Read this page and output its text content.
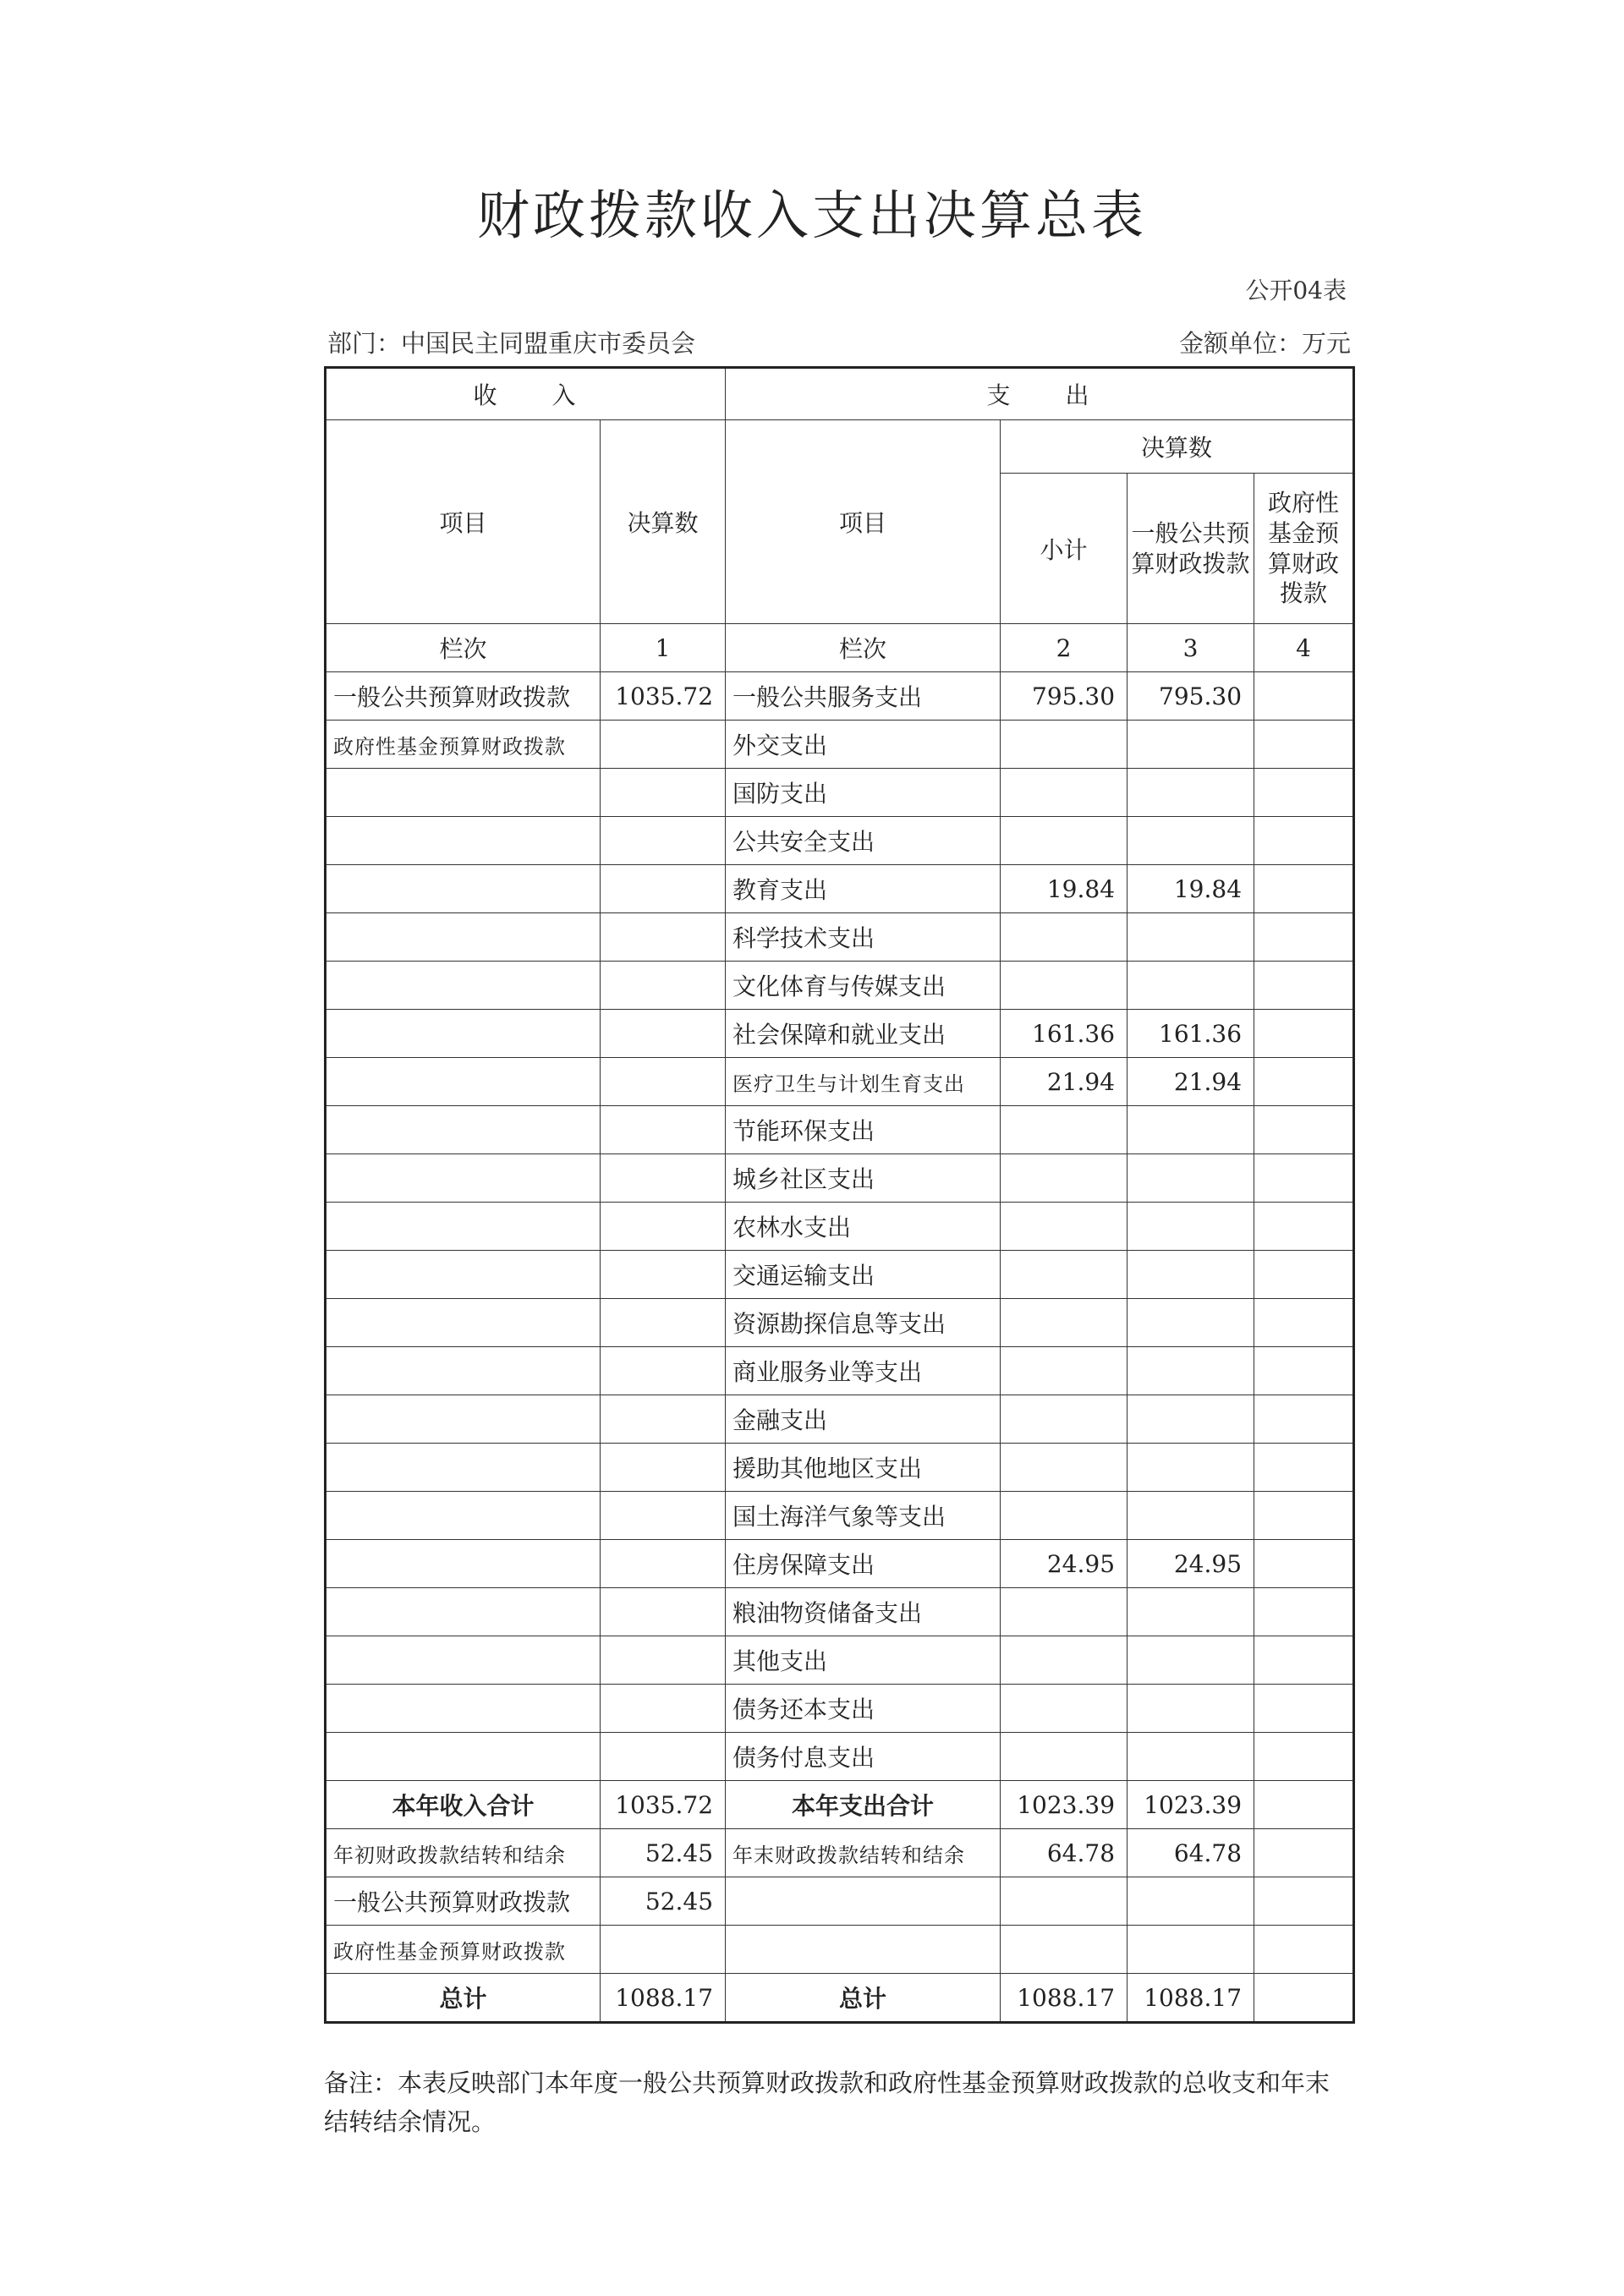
财政拨款收入支出决算总表
公开04表
部门：中国民主同盟重庆市委员会	金额单位：万元
收　　入		支　　出			
项目	决算数	项目	决算数		
			小计	一般公共预算财政拨款	政府性基金预算财政拨款
栏次	1	栏次	2	3	4
一般公共预算财政拨款	1035.72	一般公共服务支出	795.30	795.30	
政府性基金预算财政拨款		外交支出			
		国防支出			
		公共安全支出			
		教育支出	19.84	19.84	
		科学技术支出			
		文化体育与传媒支出			
		社会保障和就业支出	161.36	161.36	
		医疗卫生与计划生育支出	21.94	21.94	
		节能环保支出			
		城乡社区支出			
		农林水支出			
		交通运输支出			
		资源勘探信息等支出			
		商业服务业等支出			
		金融支出			
		援助其他地区支出			
		国土海洋气象等支出			
		住房保障支出	24.95	24.95	
		粮油物资储备支出			
		其他支出			
		债务还本支出			
		债务付息支出			
本年收入合计	1035.72	本年支出合计	1023.39	1023.39	
年初财政拨款结转和结余	52.45	年末财政拨款结转和结余	64.78	64.78	
一般公共预算财政拨款	52.45				
政府性基金预算财政拨款					
总计	1088.17	总计	1088.17	1088.17	
备注：本表反映部门本年度一般公共预算财政拨款和政府性基金预算财政拨款的总收支和年末结转结余情况。
